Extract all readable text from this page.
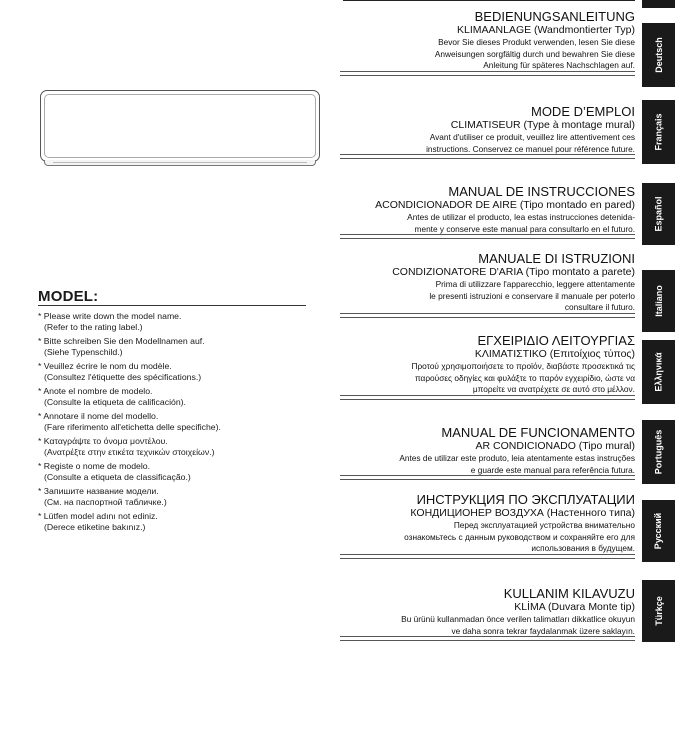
BEDIENUNGSANLEITUNG

KLIMAANLAGE (Wandmontierter Typ)

Bevor Sie dieses Produkt verwenden, lesen Sie diese

Anweisungen sorgfältig durch und bewahren Sie diese

Anleitung für späteres Nachschlagen auf.

MODE D’EMPLOI

CLIMATISEUR (Type à montage mural)

Avant d'utiliser ce produit, veuillez lire attentivement ces

instructions. Conservez ce manuel pour référence future.

MANUAL DE INSTRUCCIONES

ACONDICIONADOR DE AIRE (Tipo montado en pared)

Antes de utilizar el producto, lea estas instrucciones detenida-

mente y conserve este manual para consultarlo en el futuro.

MANUALE DI ISTRUZIONI

CONDIZIONATORE D'ARIA (Tipo montato a parete)

Prima di utilizzare l'apparecchio, leggere attentamente

le presenti istruzioni e conservare il manuale per poterlo

consultare il futuro.

ΕΓΧΕΙΡΙΔΙΟ ΛΕΙΤΟΥΡΓΙΑΣ

ΚΛΙΜΑΤΙΣΤΙΚΟ (Επιτοίχιος τύπος)

Προτού χρησιμοποιήσετε το προϊόν, διαβάστε προσεκτικά τις

παρούσες οδηγίες και φυλάξτε το παρόν εγχειρίδιο, ώστε να

μπορείτε να ανατρέχετε σε αυτό στο μέλλον.

MANUAL DE FUNCIONAMENTO

AR CONDICIONADO (Tipo mural)

Antes de utilizar este produto, leia atentamente estas instruções

e guarde este manual para referência futura.

ИНСТРУКЦИЯ ПО ЭКСПЛУАТАЦИИ

КОНДИЦИОНЕР ВОЗДУХА (Настенного типа)

Перед эксплуатацией устройства внимательно

ознакомьтесь с данным руководством и сохраняйте его для

использования в будущем.

KULLANIM KILAVUZU

KLİMA (Duvara Monte tip)

Bu ürünü kullanmadan önce verilen talimatları dikkatlice okuyun

ve daha sonra tekrar faydalanmak üzere saklayın.

Deutsch
Français
Español
Italiano
Ελληνικά
Português
Русский
Türkçe

MODEL:

* Please write down the model name.
(Refer to the rating label.)
* Bitte schreiben Sie den Modellnamen auf.
(Siehe Typenschild.)
* Veuillez écrire le nom du modèle.
(Consultez l'étiquette des spécifications.)
* Anote el nombre de modelo.
(Consulte la etiqueta de calificación).
* Annotare il nome del modello.
(Fare riferimento all'etichetta delle specifiche).
* Καταγράψτε το όνομα μοντέλου.
(Ανατρέξτε στην ετικέτα τεχνικών στοιχείων.)
* Registe o nome de modelo.
(Consulte a etiqueta de classificação.)
* Запишите название модели.
(См. на паспортной табличке.)
* Lütfen model adını not ediniz.
(Derece etiketine bakınız.)
